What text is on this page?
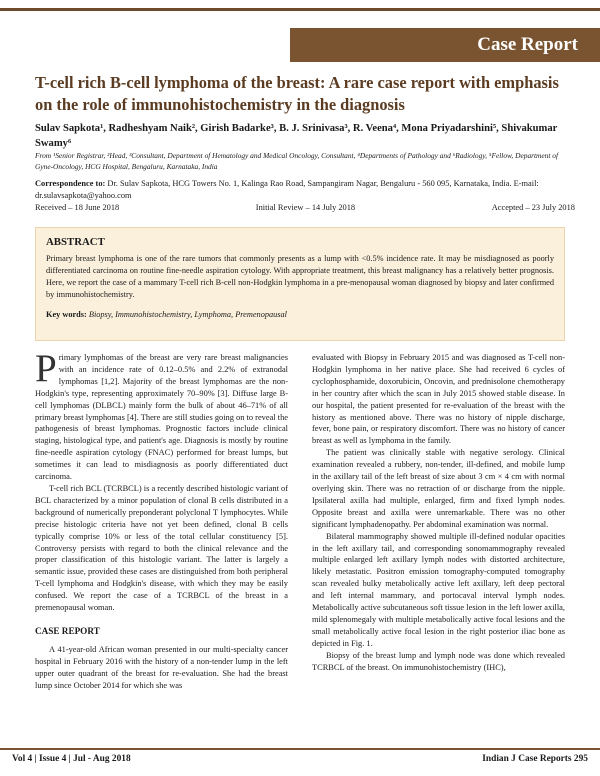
Case Report
T-cell rich B-cell lymphoma of the breast: A rare case report with emphasis on the role of immunohistochemistry in the diagnosis
Sulav Sapkota¹, Radheshyam Naik², Girish Badarke³, B. J. Srinivasa³, R. Veena⁴, Mona Priyadarshini⁵, Shivakumar Swamy⁶
From ¹Senior Registrar, ²Head, ³Consultant, Department of Hematology and Medical Oncology, Consultant, ⁴Departments of Pathology and ⁶Radiology, ⁵Fellow, Department of Gyne-Oncology, HCG Hospital, Bengaluru, Karnataka, India
Correspondence to: Dr. Sulav Sapkota, HCG Towers No. 1, Kalinga Rao Road, Sampangiram Nagar, Bengaluru - 560 095, Karnataka, India. E-mail: dr.sulavsapkota@yahoo.com
Received – 18 June 2018	Initial Review – 14 July 2018	Accepted – 23 July 2018
ABSTRACT

Primary breast lymphoma is one of the rare tumors that commonly presents as a lump with <0.5% incidence rate. It may be misdiagnosed as poorly differentiated carcinoma on routine fine-needle aspiration cytology. With appropriate treatment, this breast malignancy has a relatively better prognosis. Here, we report the case of a mammary T-cell rich B-cell non-Hodgkin lymphoma in a pre-menopausal woman diagnosed by biopsy and later confirmed by immunohistochemistry.

Key words: Biopsy, Immunohistochemistry, Lymphoma, Premenopausal

Primary lymphomas of the breast are very rare breast malignancies with an incidence rate of 0.12–0.5% and 2.2% of extranodal lymphomas [1,2]. Majority of the breast lymphomas are the non-Hodgkin's type, representing approximately 70–90% [3]. Diffuse large B-cell lymphomas (DLBCL) mainly form the bulk of about 46–71% of all primary breast lymphomas [4]. There are still studies going on to reveal the pathogenesis of breast lymphomas. Prognostic factors include clinical staging, histological type, and patient's age. Diagnosis is mostly by routine fine-needle aspiration cytology (FNAC) performed for breast lumps, but sometimes it can lead to misdiagnosis as poorly differentiated duct carcinoma.

T-cell rich BCL (TCRBCL) is a recently described histologic variant of BCL characterized by a minor population of clonal B cells distributed in a background of numerically preponderant polyclonal T lymphocytes. While precise histologic criteria have not yet been defined, clonal B cells typically comprise 10% or less of the total cellular constituency [5]. Controversy persists with regard to both the clinical relevance and the proper classification of this histologic variant. The latter is largely a semantic issue, provided these cases are distinguished from both peripheral T-cell lymphoma and Hodgkin's disease, with which they may be easily confused. We report the case of a TCRBCL of the breast in a premenopausal woman.

CASE REPORT

A 41-year-old African woman presented in our multi-specialty cancer hospital in February 2016 with the history of a non-tender lump in the left upper outer quadrant of the breast for re-evaluation. She had the breast lump since October 2014 for which she was

evaluated with Biopsy in February 2015 and was diagnosed as T-cell non-Hodgkin lymphoma in her native place. She had received 6 cycles of cyclophosphamide, doxorubicin, Oncovin, and prednisolone chemotherapy in her country after which the scan in July 2015 showed stable disease. In our hospital, the patient presented for re-evaluation of the breast with the history as mentioned above. There was no history of nipple discharge, fever, bone pain, or respiratory discomfort. There was no history of cancer breast as well as lymphoma in the family.

The patient was clinically stable with negative serology. Clinical examination revealed a rubbery, non-tender, ill-defined, and mobile lump in the axillary tail of the left breast of size about 3 cm × 4 cm with normal overlying skin. There was no retraction of or discharge from the nipple. Ipsilateral axilla had multiple, enlarged, firm and fixed lymph nodes. Opposite breast and axilla were unremarkable. There was no other significant lymphadenopathy. Per abdominal examination was normal.

Bilateral mammography showed multiple ill-defined nodular opacities in the left axillary tail, and corresponding sonomammography revealed multiple enlarged left axillary lymph nodes with distorted architecture, likely metastatic. Positron emission tomography-computed tomography scan revealed bulky metabolically active left axillary, left deep pectoral and left internal mammary, and portocaval interval lymph nodes. Metabolically active subcutaneous soft tissue lesion in the left lower axilla, mild splenomegaly with multiple metabolically active focal lesions and the small metabolically active focal lesion in the right posterior iliac bone as depicted in Fig. 1.

Biopsy of the breast lump and lymph node was done which revealed TCRBCL of the breast. On immunohistochemistry (IHC),

Vol 4 | Issue 4 | Jul - Aug 2018	Indian J Case Reports 295
